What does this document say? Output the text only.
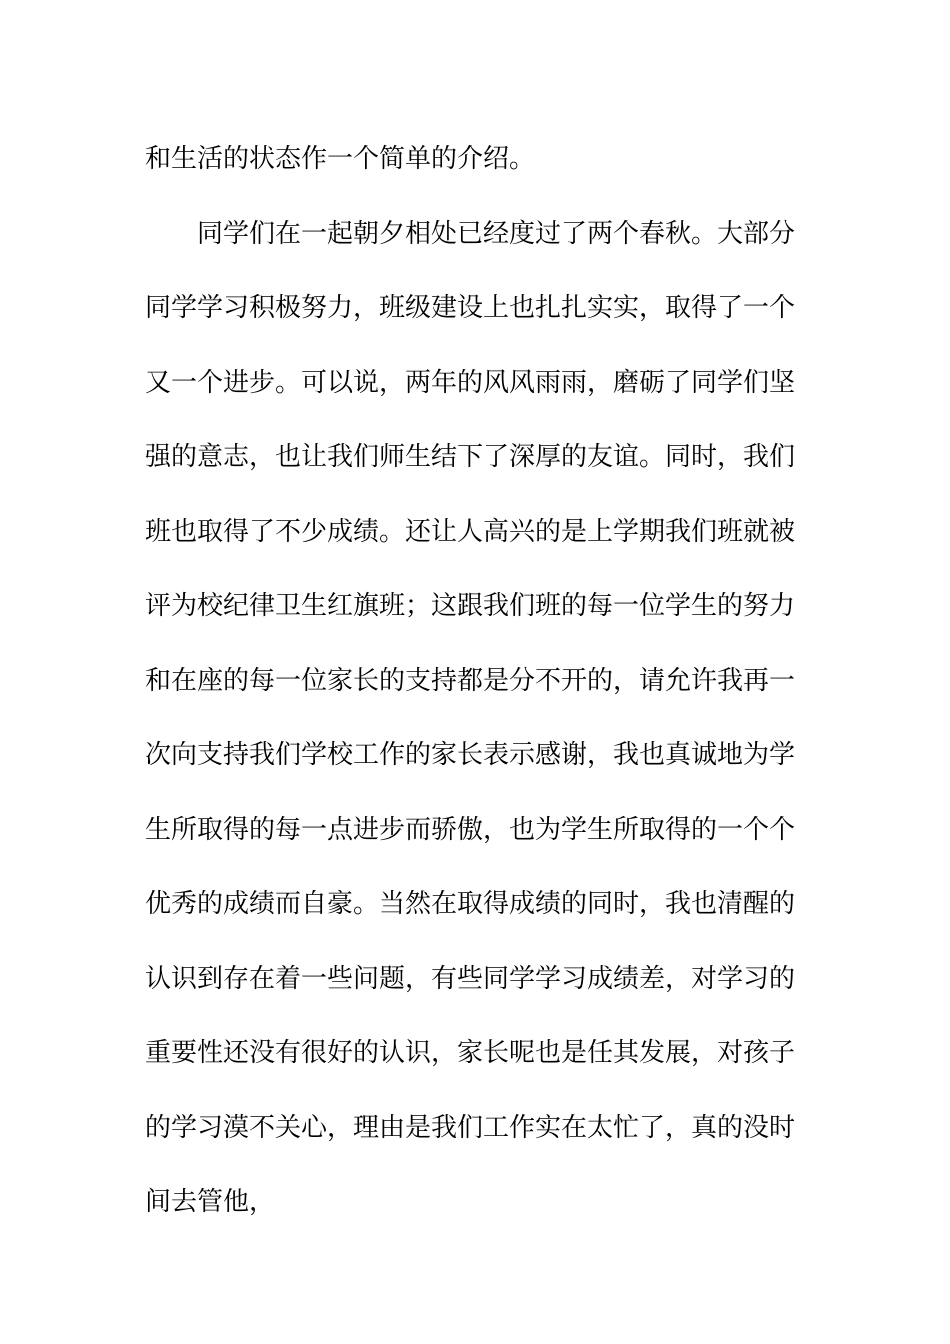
和生活的状态作一个简单的介绍。
同学们在一起朝夕相处已经度过了两个春秋。大部分
同学学习积极努力，班级建设上也扎扎实实，取得了一个
又一个进步。可以说，两年的风风雨雨，磨砺了同学们坚
强的意志，也让我们师生结下了深厚的友谊。同时，我们
班也取得了不少成绩。还让人高兴的是上学期我们班就被
评为校纪律卫生红旗班；这跟我们班的每一位学生的努力
和在座的每一位家长的支持都是分不开的，请允许我再一
次向支持我们学校工作的家长表示感谢，我也真诚地为学
生所取得的每一点进步而骄傲，也为学生所取得的一个个
优秀的成绩而自豪。当然在取得成绩的同时，我也清醒的
认识到存在着一些问题，有些同学学习成绩差，对学习的
重要性还没有很好的认识，家长呢也是任其发展，对孩子
的学习漠不关心，理由是我们工作实在太忙了，真的没时
间去管他，
